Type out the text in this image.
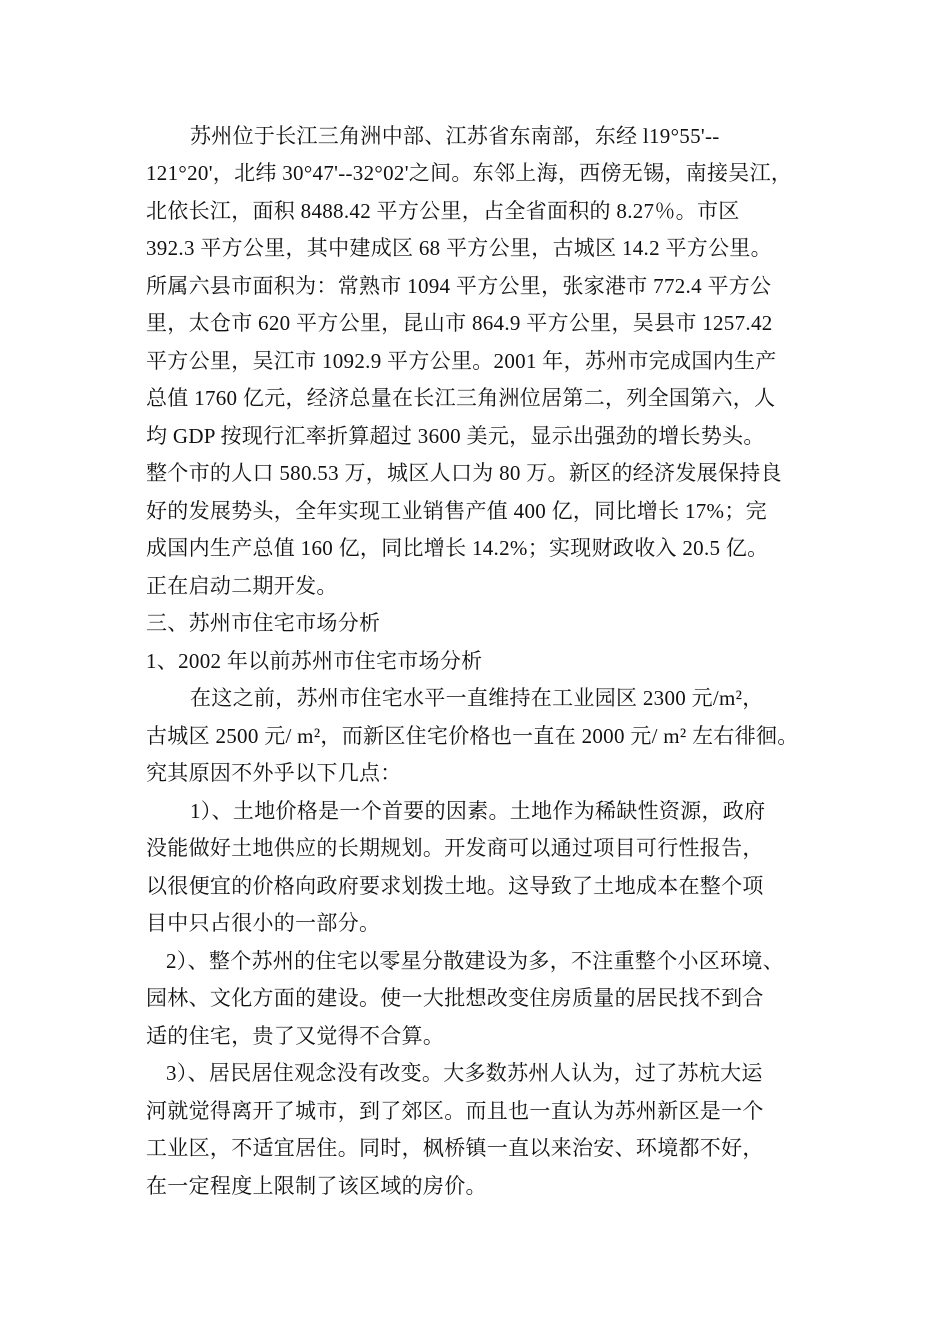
苏州位于长江三角洲中部、江苏省东南部，东经 l19°55'--
121°20'，北纬 30°47'--32°02'之间。东邻上海，西傍无锡，南接吴江，
北依长江，面积 8488.42 平方公里，占全省面积的 8.27％。市区
392.3 平方公里，其中建成区 68 平方公里，古城区 14.2 平方公里。
所属六县市面积为：常熟市 1094 平方公里，张家港市 772.4 平方公
里，太仓市 620 平方公里，昆山市 864.9 平方公里，吴县市 1257.42
平方公里，吴江市 1092.9 平方公里。2001 年，苏州市完成国内生产
总值 1760 亿元，经济总量在长江三角洲位居第二，列全国第六，人
均 GDP 按现行汇率折算超过 3600 美元，显示出强劲的增长势头。
整个市的人口 580.53 万，城区人口为 80 万。新区的经济发展保持良
好的发展势头，全年实现工业销售产值 400 亿，同比增长 17%；完
成国内生产总值 160 亿，同比增长 14.2%；实现财政收入 20.5 亿。
正在启动二期开发。
三、苏州市住宅市场分析
1、2002 年以前苏州市住宅市场分析
在这之前，苏州市住宅水平一直维持在工业园区 2300 元/m²，
古城区 2500 元/ m²，而新区住宅价格也一直在 2000 元/ m² 左右徘徊。
究其原因不外乎以下几点：
1）、土地价格是一个首要的因素。土地作为稀缺性资源，政府
没能做好土地供应的长期规划。开发商可以通过项目可行性报告，
以很便宜的价格向政府要求划拨土地。这导致了土地成本在整个项
目中只占很小的一部分。
2）、整个苏州的住宅以零星分散建设为多，不注重整个小区环境、
园林、文化方面的建设。使一大批想改变住房质量的居民找不到合
适的住宅，贵了又觉得不合算。
3）、居民居住观念没有改变。大多数苏州人认为，过了苏杭大运
河就觉得离开了城市，到了郊区。而且也一直认为苏州新区是一个
工业区，不适宜居住。同时，枫桥镇一直以来治安、环境都不好，
在一定程度上限制了该区域的房价。
